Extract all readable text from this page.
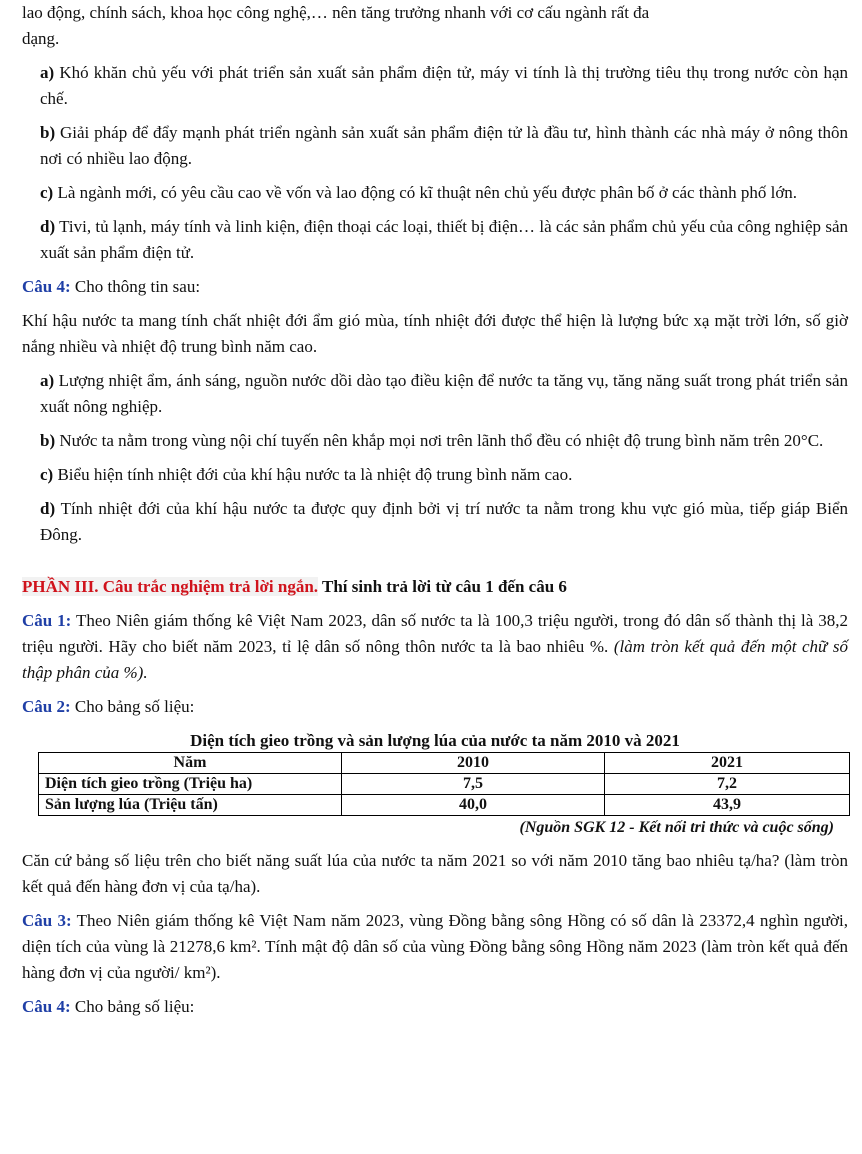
lao động, chính sách, khoa học công nghệ,… nên tăng trưởng nhanh với cơ cấu ngành rất đa

dạng.

a) Khó khăn chủ yếu với phát triển sản xuất sản phẩm điện tử, máy vi tính là thị trường tiêu thụ trong nước còn hạn chế.

b) Giải pháp để đẩy mạnh phát triển ngành sản xuất sản phẩm điện tử là đầu tư, hình thành các nhà máy ở nông thôn nơi có nhiều lao động.

c) Là ngành mới, có yêu cầu cao về vốn và lao động có kĩ thuật nên chủ yếu được phân bố ở các thành phố lớn.

d) Tivi, tủ lạnh, máy tính và linh kiện, điện thoại các loại, thiết bị điện… là các sản phẩm chủ yếu của công nghiệp sản xuất sản phẩm điện tử.

Câu 4: Cho thông tin sau:

Khí hậu nước ta mang tính chất nhiệt đới ẩm gió mùa, tính nhiệt đới được thể hiện là lượng bức xạ mặt trời lớn, số giờ nắng nhiều và nhiệt độ trung bình năm cao.

a) Lượng nhiệt ẩm, ánh sáng, nguồn nước dồi dào tạo điều kiện để nước ta tăng vụ, tăng năng suất trong phát triển sản xuất nông nghiệp.

b) Nước ta nằm trong vùng nội chí tuyến nên khắp mọi nơi trên lãnh thổ đều có nhiệt độ trung bình năm trên 20°C.

c) Biểu hiện tính nhiệt đới của khí hậu nước ta là nhiệt độ trung bình năm cao.

d) Tính nhiệt đới của khí hậu nước ta được quy định bởi vị trí nước ta nằm trong khu vực gió mùa, tiếp giáp Biển Đông.

PHẦN III. Câu trắc nghiệm trả lời ngắn. Thí sinh trả lời từ câu 1 đến câu 6

Câu 1: Theo Niên giám thống kê Việt Nam 2023, dân số nước ta là 100,3 triệu người, trong đó dân số thành thị là 38,2 triệu người. Hãy cho biết năm 2023, tỉ lệ dân số nông thôn nước ta là bao nhiêu %. (làm tròn kết quả đến một chữ số thập phân của %).

Câu 2: Cho bảng số liệu:

Diện tích gieo trồng và sản lượng lúa của nước ta năm 2010 và 2021
Năm	2010	2021
Diện tích gieo trồng (Triệu ha)	7,5	7,2
Sản lượng lúa (Triệu tấn)	40,0	43,9
(Nguồn SGK 12 - Kết nối tri thức và cuộc sống)

Căn cứ bảng số liệu trên cho biết năng suất lúa của nước ta năm 2021 so với năm 2010 tăng bao nhiêu tạ/ha? (làm tròn kết quả đến hàng đơn vị của tạ/ha).

Câu 3: Theo Niên giám thống kê Việt Nam năm 2023, vùng Đồng bằng sông Hồng có số dân là 23372,4 nghìn người, diện tích của vùng là 21278,6 km². Tính mật độ dân số của vùng Đồng bằng sông Hồng năm 2023 (làm tròn kết quả đến hàng đơn vị của người/ km²).

Câu 4: Cho bảng số liệu:
